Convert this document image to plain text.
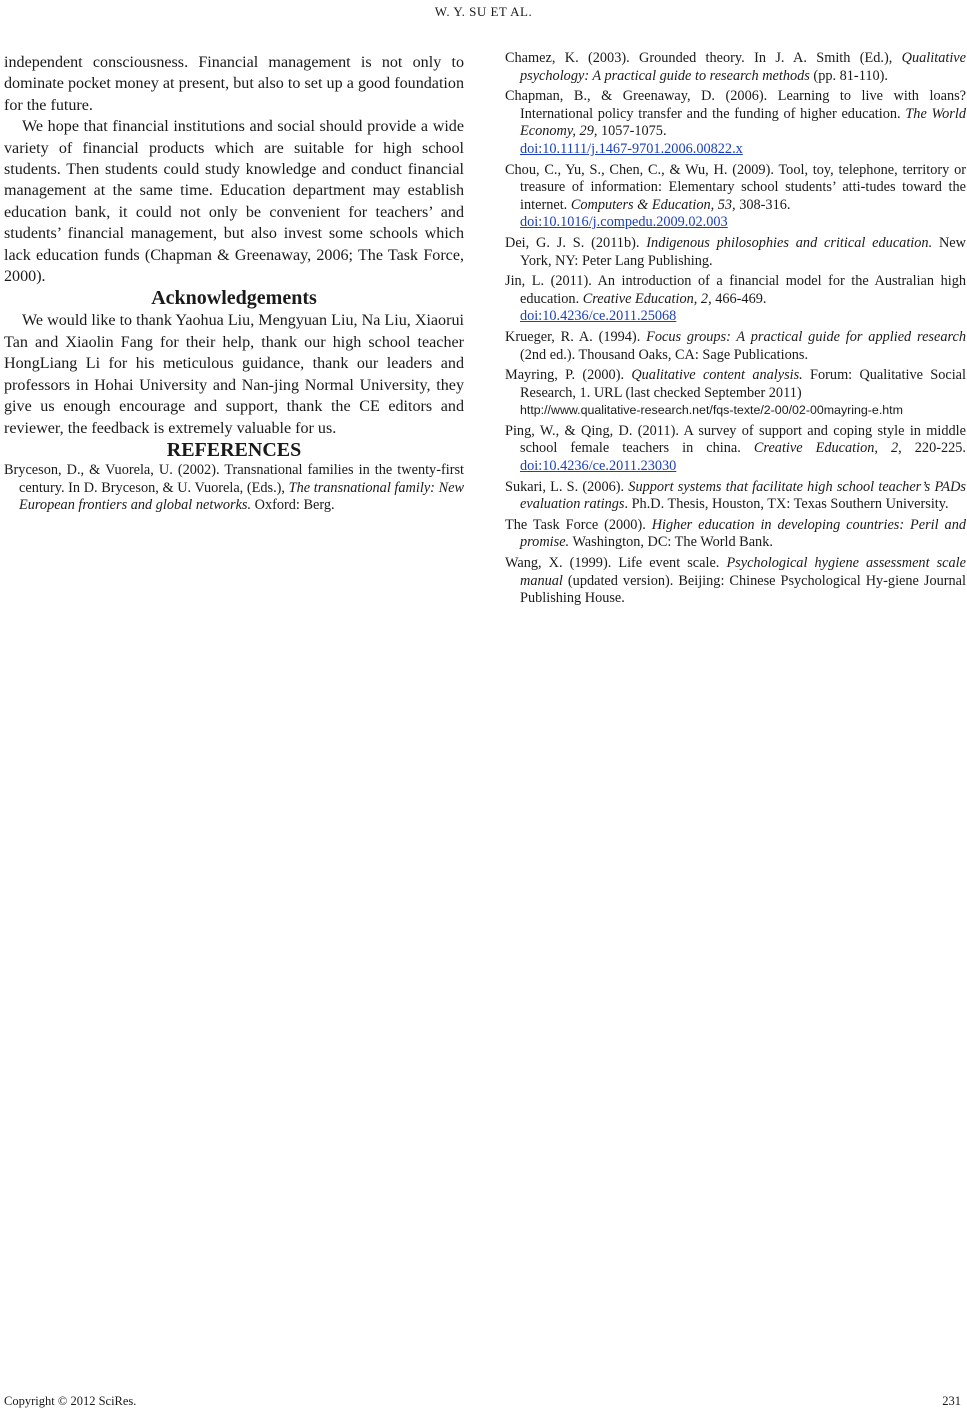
W. Y. SU ET AL.

independent consciousness. Financial management is not only to dominate pocket money at present, but also to set up a good foundation for the future.

We hope that financial institutions and social should provide a wide variety of financial products which are suitable for high school students. Then students could study knowledge and conduct financial management at the same time. Education department may establish education bank, it could not only be convenient for teachers’ and students’ financial management, but also invest some schools which lack education funds (Chapman & Greenaway, 2006; The Task Force, 2000).

Acknowledgements

We would like to thank Yaohua Liu, Mengyuan Liu, Na Liu, Xiaorui Tan and Xiaolin Fang for their help, thank our high school teacher HongLiang Li for his meticulous guidance, thank our leaders and professors in Hohai University and Nan-jing Normal University, they give us enough encourage and support, thank the CE editors and reviewer, the feedback is extremely valuable for us.

REFERENCES
Bryceson, D., & Vuorela, U. (2002). Transnational families in the twenty-first century. In D. Bryceson, & U. Vuorela, (Eds.), The transnational family: New European frontiers and global networks. Oxford: Berg.
Chamez, K. (2003). Grounded theory. In J. A. Smith (Ed.), Qualitative psychology: A practical guide to research methods (pp. 81-110).
Chapman, B., & Greenaway, D. (2006). Learning to live with loans? International policy transfer and the funding of higher education. The World Economy, 29, 1057-1075.
doi:10.1111/j.1467-9701.2006.00822.x
Chou, C., Yu, S., Chen, C., & Wu, H. (2009). Tool, toy, telephone, territory or treasure of information: Elementary school students’ atti-tudes toward the internet. Computers & Education, 53, 308-316.
doi:10.1016/j.compedu.2009.02.003
Dei, G. J. S. (2011b). Indigenous philosophies and critical education. New York, NY: Peter Lang Publishing.
Jin, L. (2011). An introduction of a financial model for the Australian high education. Creative Education, 2, 466-469.
doi:10.4236/ce.2011.25068
Krueger, R. A. (1994). Focus groups: A practical guide for applied research (2nd ed.). Thousand Oaks, CA: Sage Publications.
Mayring, P. (2000). Qualitative content analysis. Forum: Qualitative Social Research, 1. URL (last checked September 2011)
http://www.qualitative-research.net/fqs-texte/2-00/02-00mayring-e.htm
Ping, W., & Qing, D. (2011). A survey of support and coping style in middle school female teachers in china. Creative Education, 2, 220-225. doi:10.4236/ce.2011.23030
Sukari, L. S. (2006). Support systems that facilitate high school teacher’s PADs evaluation ratings. Ph.D. Thesis, Houston, TX: Texas Southern University.
The Task Force (2000). Higher education in developing countries: Peril and promise. Washington, DC: The World Bank.
Wang, X. (1999). Life event scale. Psychological hygiene assessment scale manual (updated version). Beijing: Chinese Psychological Hy-giene Journal Publishing House.
Copyright © 2012 SciRes.	231
